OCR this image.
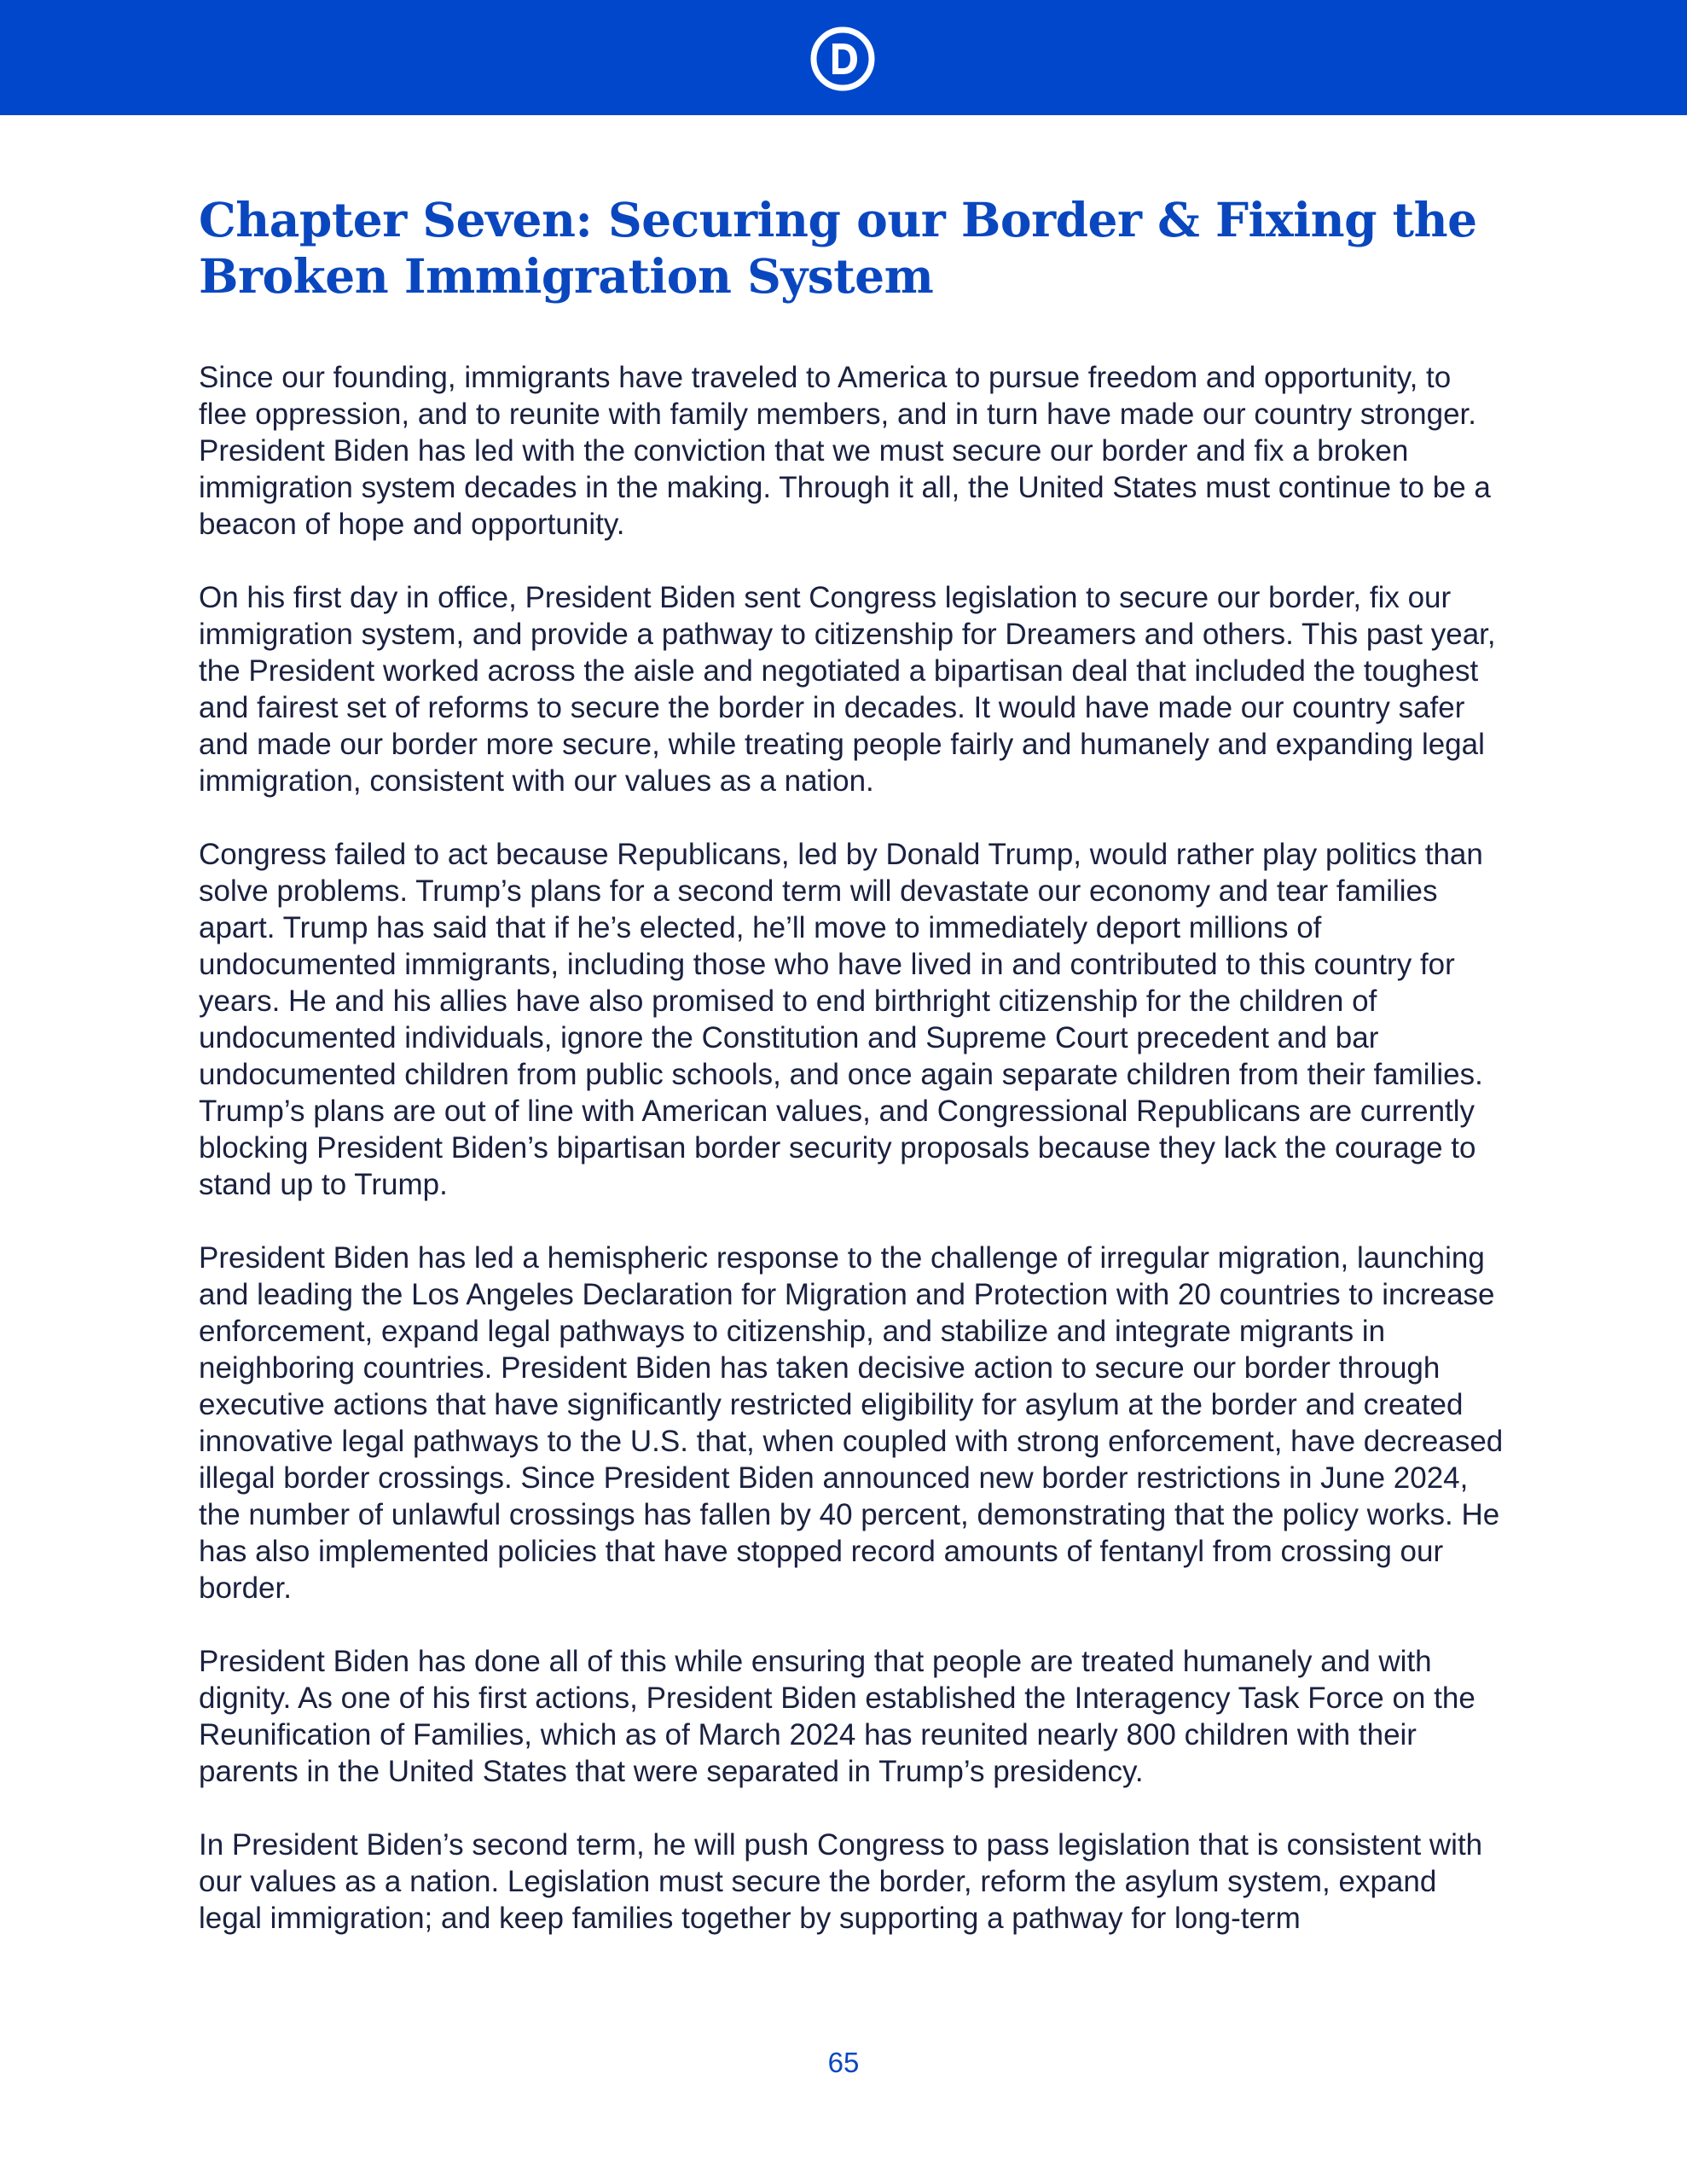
Chapter Seven: Securing our Border & Fixing the Broken Immigration System

Since our founding, immigrants have traveled to America to pursue freedom and opportunity, to flee oppression, and to reunite with family members, and in turn have made our country stronger. President Biden has led with the conviction that we must secure our border and fix a broken immigration system decades in the making. Through it all, the United States must continue to be a beacon of hope and opportunity.

On his first day in office, President Biden sent Congress legislation to secure our border, fix our immigration system, and provide a pathway to citizenship for Dreamers and others. This past year, the President worked across the aisle and negotiated a bipartisan deal that included the toughest and fairest set of reforms to secure the border in decades. It would have made our country safer and made our border more secure, while treating people fairly and humanely and expanding legal immigration, consistent with our values as a nation.

Congress failed to act because Republicans, led by Donald Trump, would rather play politics than solve problems. Trump’s plans for a second term will devastate our economy and tear families apart. Trump has said that if he’s elected, he’ll move to immediately deport millions of undocumented immigrants, including those who have lived in and contributed to this country for years. He and his allies have also promised to end birthright citizenship for the children of undocumented individuals, ignore the Constitution and Supreme Court precedent and bar undocumented children from public schools, and once again separate children from their families. Trump’s plans are out of line with American values, and Congressional Republicans are currently blocking President Biden’s bipartisan border security proposals because they lack the courage to stand up to Trump.

President Biden has led a hemispheric response to the challenge of irregular migration, launching and leading the Los Angeles Declaration for Migration and Protection with 20 countries to increase enforcement, expand legal pathways to citizenship, and stabilize and integrate migrants in neighboring countries. President Biden has taken decisive action to secure our border through executive actions that have significantly restricted eligibility for asylum at the border and created innovative legal pathways to the U.S. that, when coupled with strong enforcement, have decreased illegal border crossings. Since President Biden announced new border restrictions in June 2024, the number of unlawful crossings has fallen by 40 percent, demonstrating that the policy works. He has also implemented policies that have stopped record amounts of fentanyl from crossing our border.

President Biden has done all of this while ensuring that people are treated humanely and with dignity. As one of his first actions, President Biden established the Interagency Task Force on the Reunification of Families, which as of March 2024 has reunited nearly 800 children with their parents in the United States that were separated in Trump’s presidency.

In President Biden’s second term, he will push Congress to pass legislation that is consistent with our values as a nation. Legislation must secure the border, reform the asylum system, expand legal immigration; and keep families together by supporting a pathway for long-term

65
